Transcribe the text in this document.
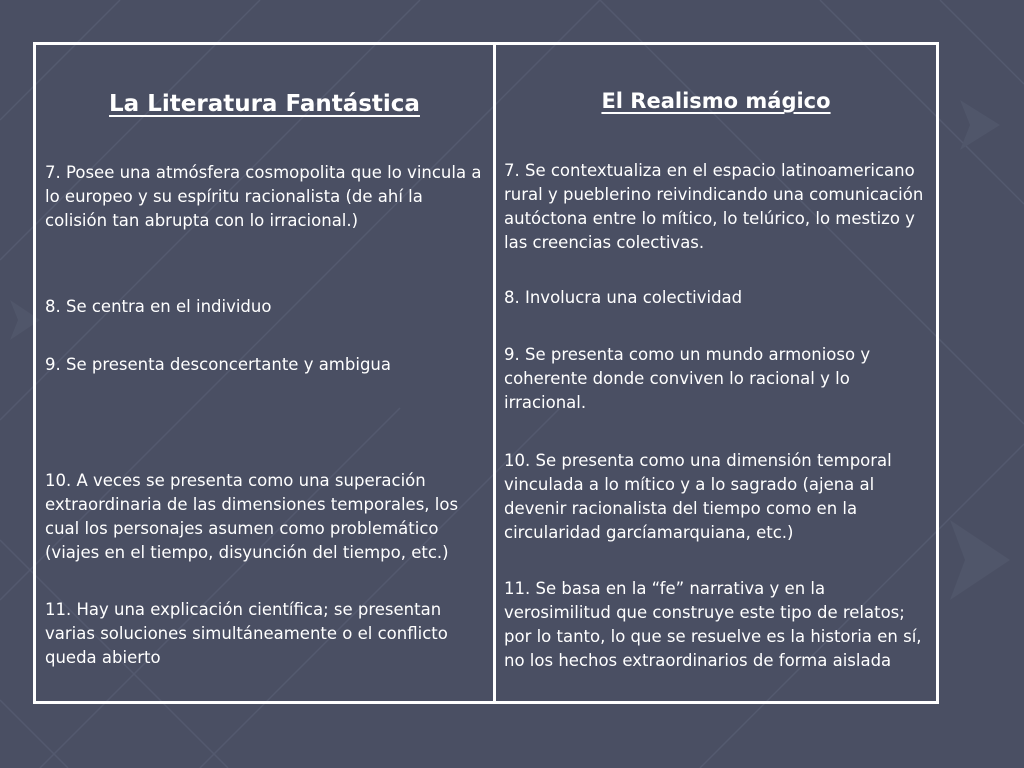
La Literatura Fantástica

7. Posee una atmósfera cosmopolita que lo vincula a lo europeo y su espíritu racionalista (de ahí la colisión tan abrupta con lo irracional.)

8. Se centra en el individuo

9. Se presenta desconcertante y ambigua

10. A veces se presenta como una superación extraordinaria de las dimensiones temporales, los cual los personajes asumen como problemático (viajes en el tiempo, disyunción del tiempo, etc.)

11. Hay una explicación científica; se presentan varias soluciones simultáneamente o el conflicto queda abierto

El Realismo mágico

7. Se contextualiza en el espacio latinoamericano rural y pueblerino reivindicando una comunicación autóctona entre lo mítico, lo telúrico, lo mestizo y las creencias colectivas.

8. Involucra una colectividad

9. Se presenta como un mundo armonioso y coherente donde conviven lo racional y lo irracional.

10. Se presenta como una dimensión temporal vinculada a lo mítico y a lo sagrado (ajena al devenir racionalista del tiempo como en la circularidad garcíamarquiana, etc.)

11. Se basa en la “fe” narrativa y en la verosimilitud que construye este tipo de relatos; por lo tanto, lo que se resuelve es la historia en sí, no los hechos extraordinarios de forma aislada
